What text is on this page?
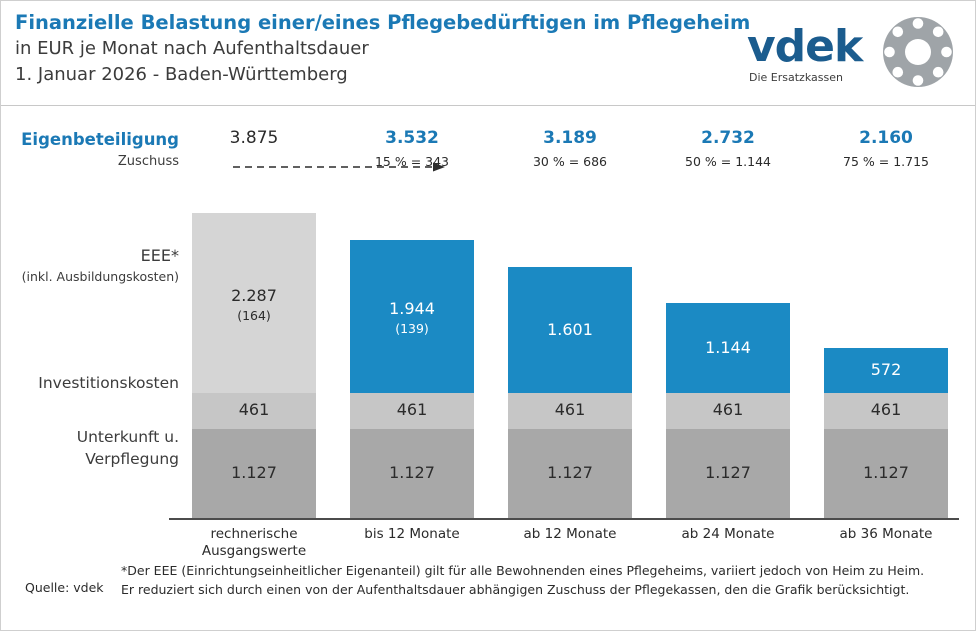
Finanzielle Belastung einer/eines Pflegebedürftigen im Pflegeheim
in EUR je Monat nach Aufenthaltsdauer
1. Januar 2026 - Baden-Württemberg
vdek
Die Ersatzkassen
Eigenbeteiligung
Zuschuss
EEE*
(inkl. Ausbildungskosten)
Investitionskosten
Unterkunft u.
Verpflegung
2.287
(164)
461
1.127
3.875
1.944
(139)
461
1.127
3.532
15 % = 343
1.601
461
1.127
3.189
30 % = 686
1.144
461
1.127
2.732
50 % = 1.144
572
461
1.127
2.160
75 % = 1.715
rechnerische
Ausgangswerte
bis 12 Monate	ab 12 Monate	ab 24 Monate	ab 36 Monate
*Der EEE (Einrichtungseinheitlicher Eigenanteil) gilt für alle Bewohnenden eines Pflegeheims, variiert jedoch von Heim zu Heim.
Er reduziert sich durch einen von der Aufenthaltsdauer abhängigen Zuschuss der Pflegekassen, den die Grafik berücksichtigt.
Quelle: vdek
